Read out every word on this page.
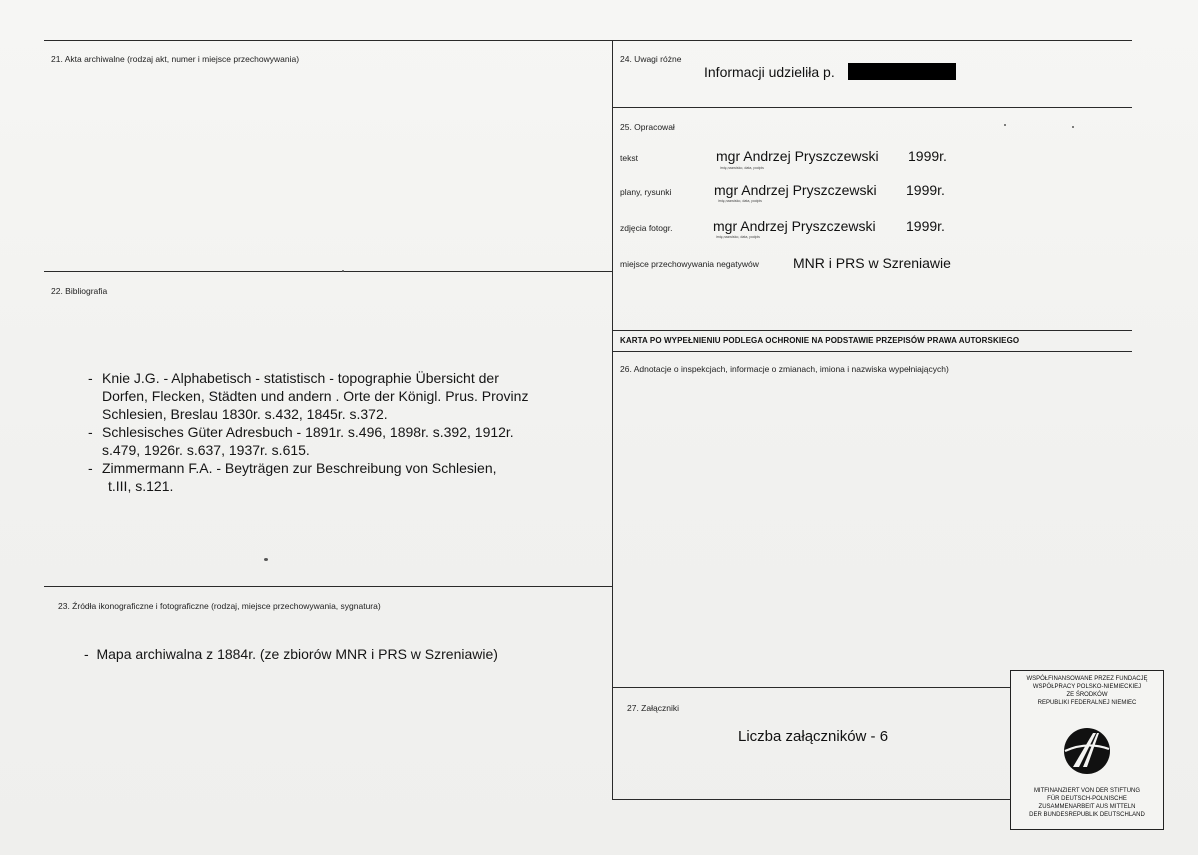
21. Akta archiwalne (rodzaj akt, numer i miejsce przechowywania)
22. Bibliografia
- Knie J.G. - Alphabetisch - statistisch - topographie Übersicht der
Dorfen, Flecken, Städten und andern . Orte der Königl. Prus. Provinz
Schlesien, Breslau 1830r. s.432, 1845r. s.372.
- Schlesisches Güter Adresbuch - 1891r. s.496, 1898r. s.392, 1912r.
s.479, 1926r. s.637, 1937r. s.615.
- Zimmermann F.A. - Beyträgen zur Beschreibung von Schlesien,
t.III, s.121.
23. Źródła ikonograficzne i fotograficzne (rodzaj, miejsce przechowywania, sygnatura)
- Mapa archiwalna z 1884r. (ze zbiorów MNR i PRS w Szreniawie)
24. Uwagi różne
Informacji udzieliła p.
25. Opracował
tekst	mgr Andrzej Pryszczewski 1999r.
imię,nazwisko, data, podpis
plany, rysunki	mgr Andrzej Pryszczewski 1999r.
imię,nazwisko, data, podpis
zdjęcia fotogr.	mgr Andrzej Pryszczewski 1999r.
imię,nazwisko, data, podpis
miejsce przechowywania negatywów MNR i PRS w Szreniawie
KARTA PO WYPEŁNIENIU PODLEGA OCHRONIE NA PODSTAWIE PRZEPISÓW PRAWA AUTORSKIEGO
26. Adnotacje o inspekcjach, informacje o zmianach, imiona i nazwiska wypełniających)
27. Załączniki
Liczba załączników - 6
WSPÓŁFINANSOWANE PRZEZ FUNDACJĘ
WSPÓŁPRACY POLSKO-NIEMIECKIEJ
ZE ŚRODKÓW
REPUBLIKI FEDERALNEJ NIEMIEC
MITFINANZIERT VON DER STIFTUNG
FÜR DEUTSCH-POLNISCHE
ZUSAMMENARBEIT AUS MITTELN
DER BUNDESREPUBLIK DEUTSCHLAND
